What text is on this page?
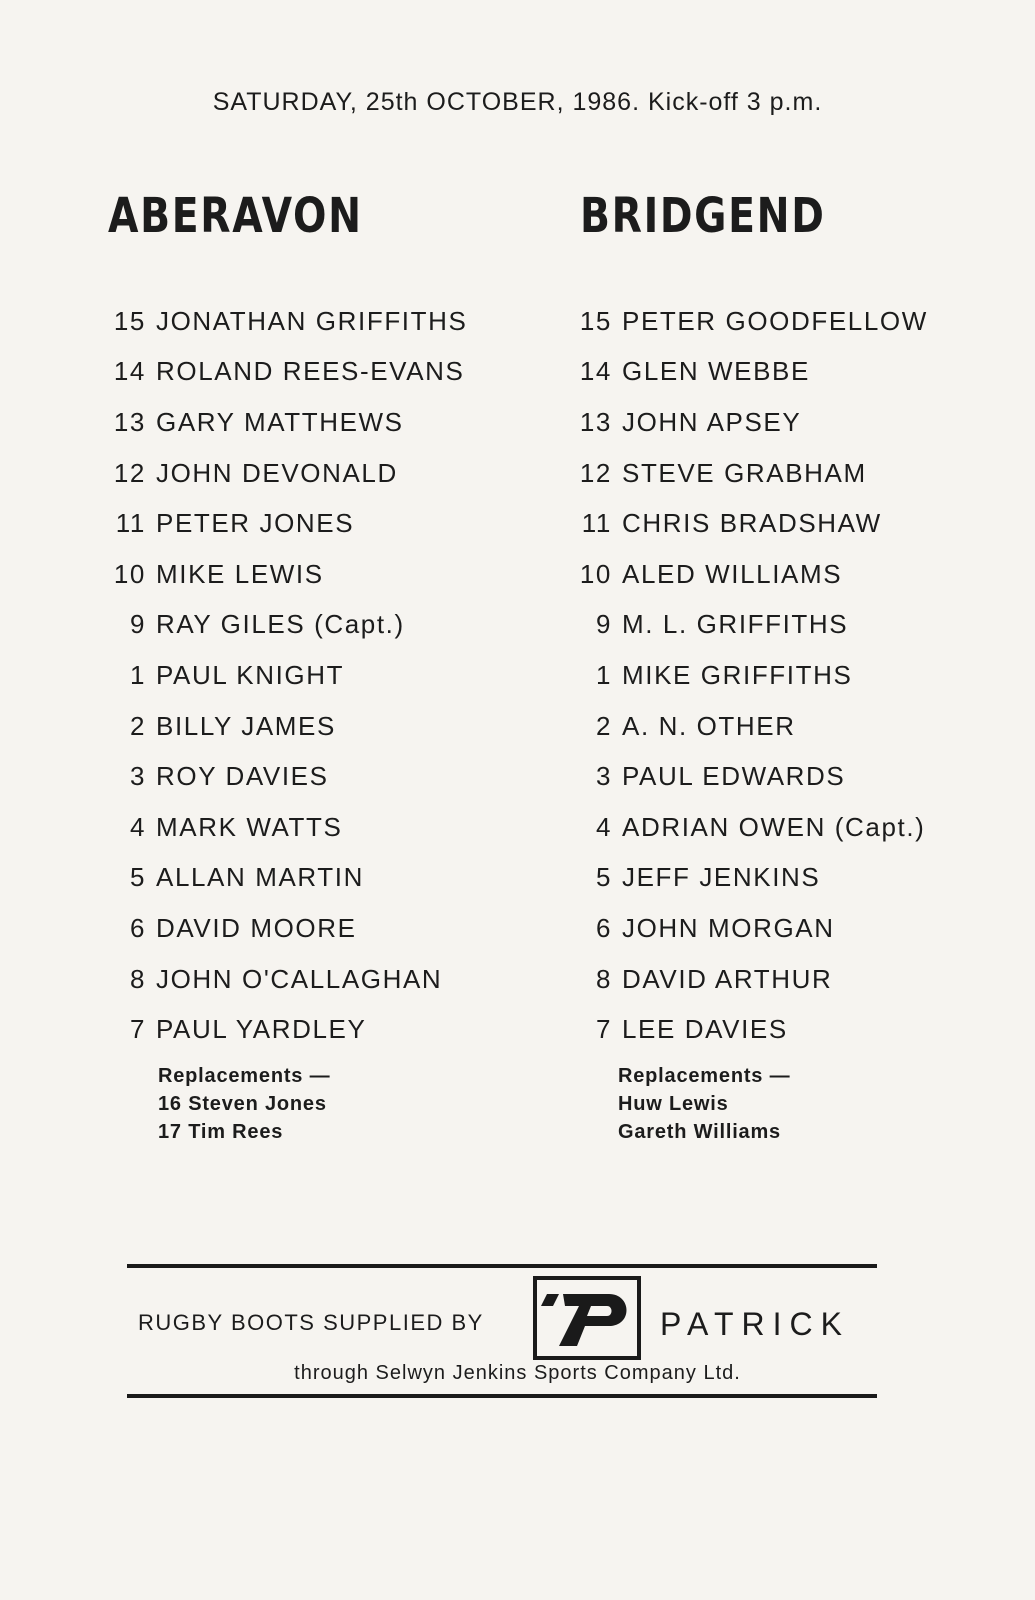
SATURDAY, 25th OCTOBER, 1986. Kick-off 3 p.m.
ABERAVON	BRIDGEND
15 JONATHAN GRIFFITHS
14 ROLAND REES-EVANS
13 GARY MATTHEWS
12 JOHN DEVONALD
11 PETER JONES
10 MIKE LEWIS
9 RAY GILES (Capt.)
1 PAUL KNIGHT
2 BILLY JAMES
3 ROY DAVIES
4 MARK WATTS
5 ALLAN MARTIN
6 DAVID MOORE
8 JOHN O'CALLAGHAN
7 PAUL YARDLEY
15 PETER GOODFELLOW
14 GLEN WEBBE
13 JOHN APSEY
12 STEVE GRABHAM
11 CHRIS BRADSHAW
10 ALED WILLIAMS
9 M. L. GRIFFITHS
1 MIKE GRIFFITHS
2 A. N. OTHER
3 PAUL EDWARDS
4 ADRIAN OWEN (Capt.)
5 JEFF JENKINS
6 JOHN MORGAN
8 DAVID ARTHUR
7 LEE DAVIES
Replacements —
16 Steven Jones
17 Tim Rees
Replacements —
Huw Lewis
Gareth Williams
RUGBY BOOTS SUPPLIED BY	PATRICK
through Selwyn Jenkins Sports Company Ltd.
